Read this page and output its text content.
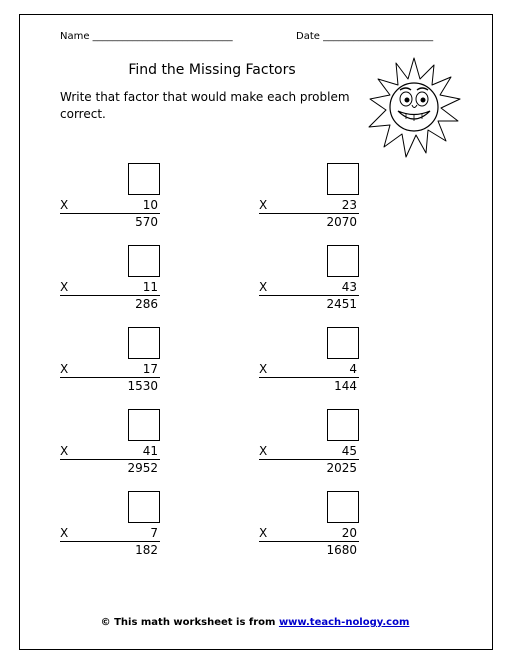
Name ____________________________	Date ______________________
Find the Missing Factors
Write that factor that would make each problem correct.
X	10
570
X	23
2070
X	11
286
X	43
2451
X	17
1530
X	4
144
X	41
2952
X	45
2025
X	7
182
X	20
1680
© This math worksheet is from www.teach-nology.com
